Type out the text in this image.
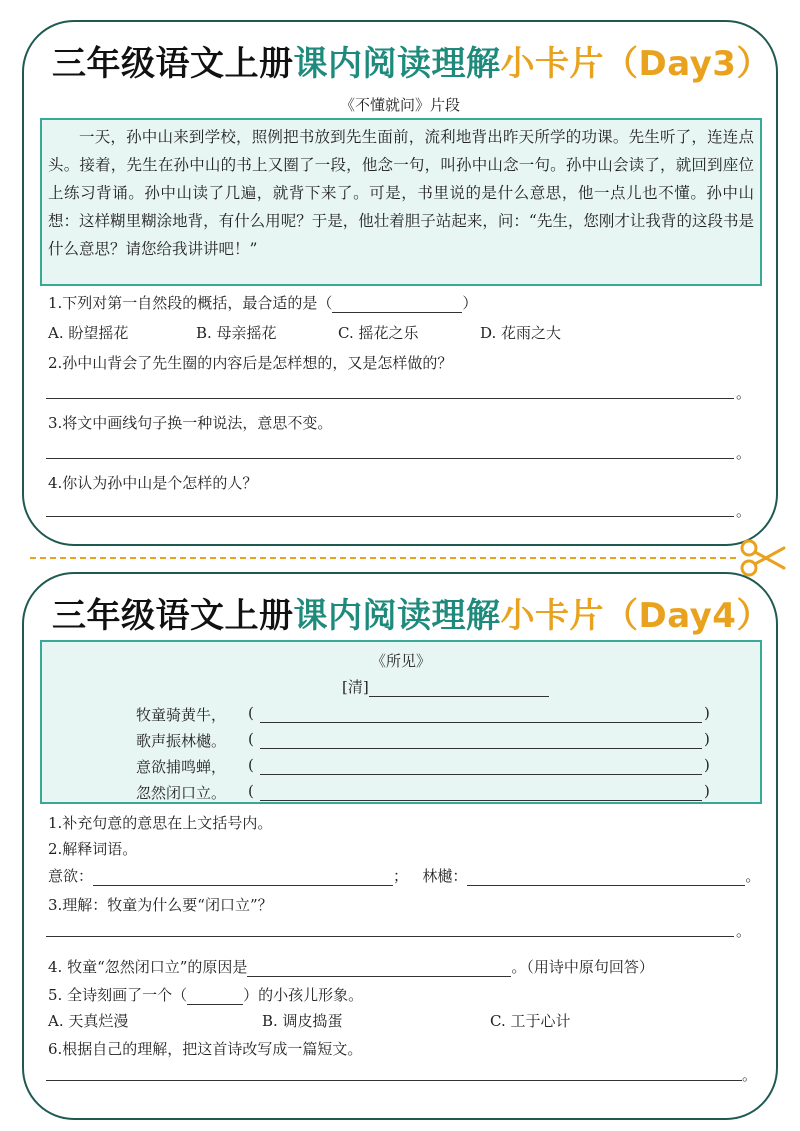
三年级语文上册课内阅读理解小卡片（Day3）
《不懂就问》片段

一天，孙中山来到学校，照例把书放到先生面前，流利地背出昨天所学的功课。先生听了，连连点头。接着，先生在孙中山的书上又圈了一段，他念一句，叫孙中山念一句。孙中山会读了，就回到座位上练习背诵。孙中山读了几遍，就背下来了。可是，书里说的是什么意思，他一点儿也不懂。孙中山想：这样糊里糊涂地背，有什么用呢？于是，他壮着胆子站起来，问：“先生，您刚才让我背的这段书是什么意思？请您给我讲讲吧！”

1.下列对第一自然段的概括，最合适的是（	）
A. 盼望摇花	B. 母亲摇花	C. 摇花之乐	D. 花雨之大
2.孙中山背会了先生圈的内容后是怎样想的，又是怎样做的？
。
3.将文中画线句子换一种说法，意思不变。
。
4.你认为孙中山是个怎样的人？
。
三年级语文上册课内阅读理解小卡片（Day4）
《所见》
[清]
牧童骑黄牛， (	)
歌声振林樾。 (	)
意欲捕鸣蝉， (	)
忽然闭口立。 (	)
1.补充句意的意思在上文括号内。
2.解释词语。
意欲：	； 林樾：	。
3.理解：牧童为什么要“闭口立”？
。
4. 牧童“忽然闭口立”的原因是	。（用诗中原句回答）
5. 全诗刻画了一个（	）的小孩儿形象。
A. 天真烂漫	B. 调皮捣蛋	C. 工于心计
6.根据自己的理解，把这首诗改写成一篇短文。
。
